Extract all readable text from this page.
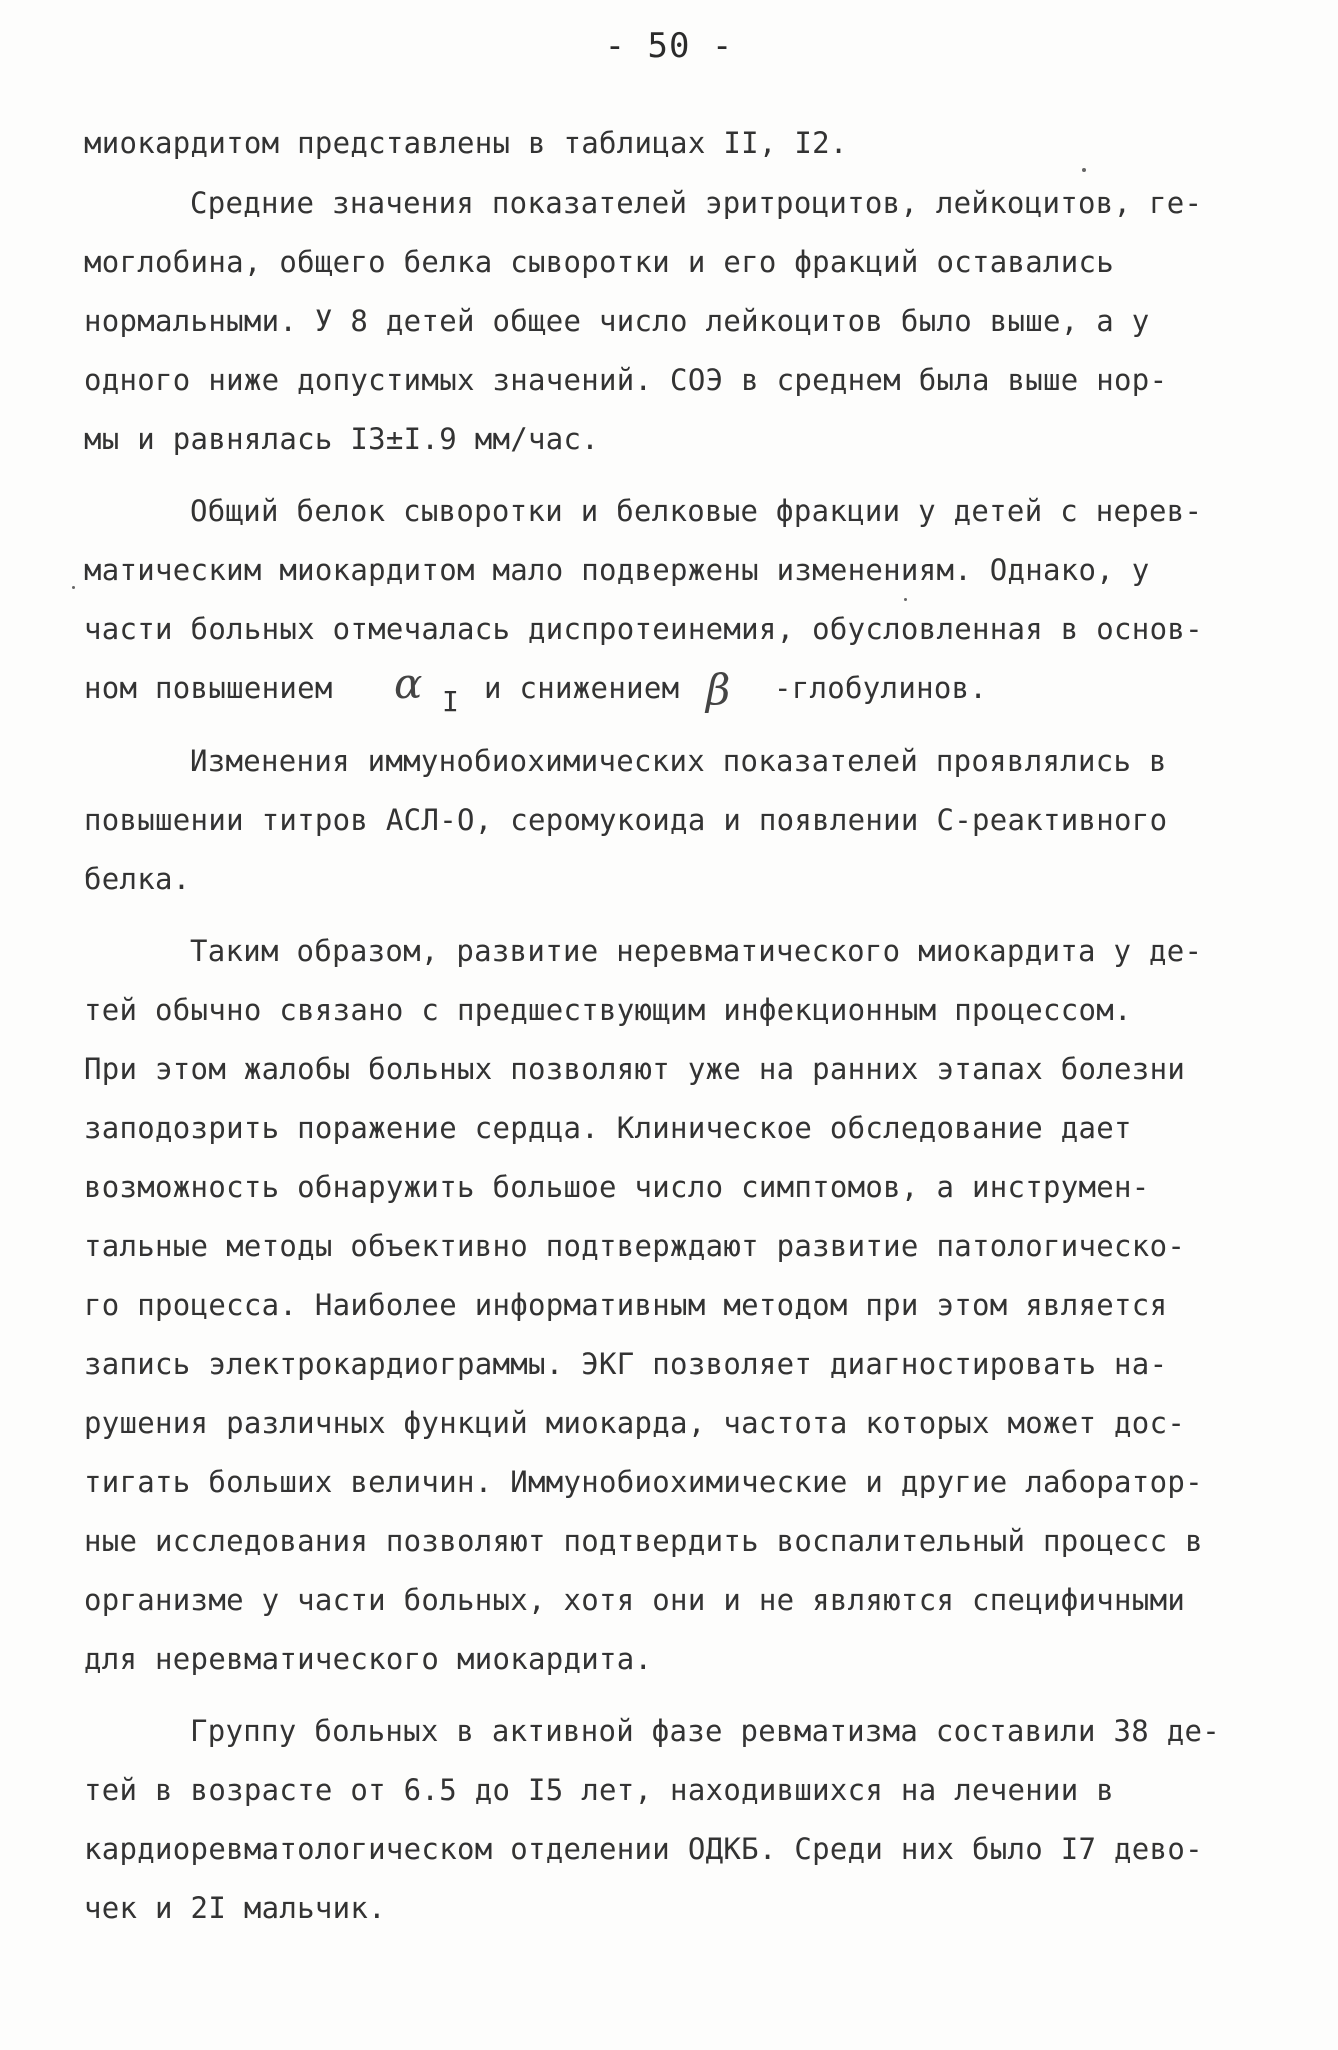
- 50 -
миокардитом представлены в таблицах II, I2.
Средние значения показателей эритроцитов, лейкоцитов, ге-
моглобина, общего белка сыворотки и его фракций оставались
нормальными. У 8 детей общее число лейкоцитов было выше, а у
одного ниже допустимых значений. СОЭ в среднем была выше нор-
мы и равнялась I3±I.9 мм/час.
Общий белок сыворотки и белковые фракции у детей с нерев-
матическим миокардитом мало подвержены изменениям. Однако, у
части больных отмечалась диспротеинемия, обусловленная в основ-
ном повышением α I и снижением β -глобулинов.
Изменения иммунобиохимических показателей проявлялись в
повышении титров АСЛ-О, серомукоида и появлении С-реактивного
белка.
Таким образом, развитие неревматического миокардита у де-
тей обычно связано с предшествующим инфекционным процессом.
При этом жалобы больных позволяют уже на ранних этапах болезни
заподозрить поражение сердца. Клиническое обследование дает
возможность обнаружить большое число симптомов, а инструмен-
тальные методы объективно подтверждают развитие патологическо-
го процесса. Наиболее информативным методом при этом является
запись электрокардиограммы. ЭКГ позволяет диагностировать на-
рушения различных функций миокарда, частота которых может дос-
тигать больших величин. Иммунобиохимические и другие лаборатор-
ные исследования позволяют подтвердить воспалительный процесс в
организме у части больных, хотя они и не являются специфичными
для неревматического миокардита.
Группу больных в активной фазе ревматизма составили 38 де-
тей в возрасте от 6.5 до I5 лет, находившихся на лечении в
кардиоревматологическом отделении ОДКБ. Среди них было I7 дево-
чек и 2I мальчик.
